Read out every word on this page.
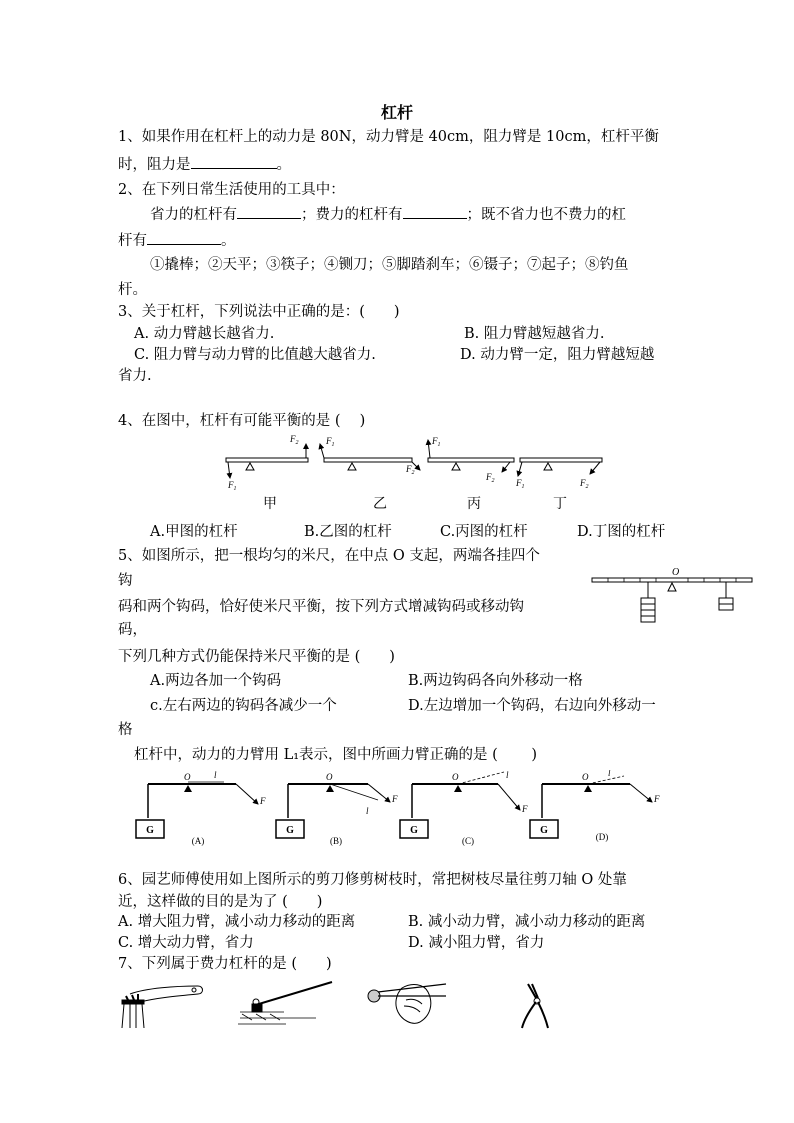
杠杆
1、如果作用在杠杆上的动力是 80N，动力臂是 40cm，阻力臂是 10cm，杠杆平衡
时，阻力是	。
2、在下列日常生活使用的工具中：
省力的杠杆有	；费力的杠杆有	；既不省力也不费力的杠
杆有	。
①撬棒；②天平；③筷子；④铡刀；⑤脚踏刹车；⑥镊子；⑦起子；⑧钓鱼
杆。
3、关于杠杆，下列说法中正确的是：(　　)
A. 动力臂越长越省力.	B. 阻力臂越短越省力.
C. 阻力臂与动力臂的比值越大越省力.	D. 动力臂一定，阻力臂越短越
省力.
4、在图中，杠杆有可能平衡的是 (　 )
$F_1$
$F_2$	$F_1$
$F_2$
$F_1$
$F_2$ $F_1$	$F_2$
甲	乙	丙	丁
A.甲图的杠杆	B.乙图的杠杆	C.丙图的杠杆	D.丁图的杠杆
5、如图所示，把一根均匀的米尺，在中点 O 支起，两端各挂四个
钩
码和两个钩码，恰好使米尺平衡，按下列方式增减钩码或移动钩
码，
下列几种方式仍能保持米尺平衡的是 (　　)
O
A.两边各加一个钩码	B.两边钩码各向外移动一格
c.左右两边的钩码各减少一个	D.左边增加一个钩码，右边向外移动一
格
杠杆中，动力的力臂用 L₁表示，图中所画力臂正确的是 (　　 )
G
O	l
F
(A)
G
O
l
F
(B)
G
O	l
F
(C)
G
O l
F
(D)
6、园艺师傅使用如上图所示的剪刀修剪树枝时，常把树枝尽量往剪刀轴 O 处靠
近，这样做的目的是为了 (　　)
A. 增大阻力臂，减小动力移动的距离	B. 减小动力臂，减小动力移动的距离
C. 增大动力臂，省力	D. 减小阻力臂，省力
7、下列属于费力杠杆的是 (　　)
